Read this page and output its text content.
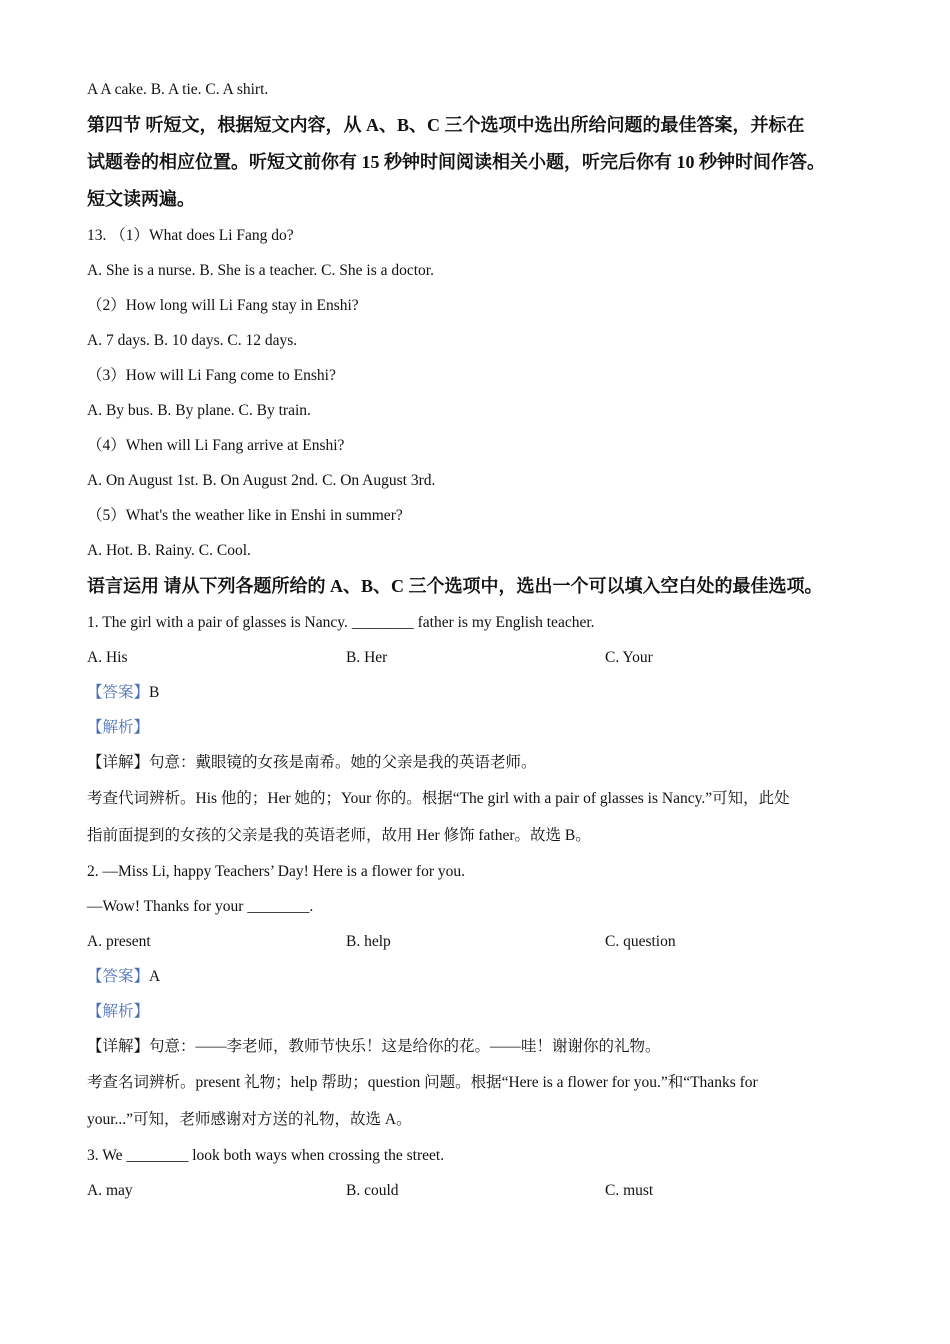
A A cake. B. A tie. C. A shirt.
第四节 听短文，根据短文内容，从 A、B、C 三个选项中选出所给问题的最佳答案，并标在
试题卷的相应位置。听短文前你有 15 秒钟时间阅读相关小题，听完后你有 10 秒钟时间作答。
短文读两遍。
13. （1）What does Li Fang do?
A. She is a nurse. B. She is a teacher. C. She is a doctor.
（2）How long will Li Fang stay in Enshi?
A. 7 days. B. 10 days. C. 12 days.
（3）How will Li Fang come to Enshi?
A. By bus. B. By plane. C. By train.
（4）When will Li Fang arrive at Enshi?
A. On August 1st. B. On August 2nd. C. On August 3rd.
（5）What's the weather like in Enshi in summer?
A. Hot. B. Rainy. C. Cool.
语言运用 请从下列各题所给的 A、B、C 三个选项中，选出一个可以填入空白处的最佳选项。
1. The girl with a pair of glasses is Nancy. ________ father is my English teacher.
A. His	B. Her	C. Your
【答案】B
【解析】
【详解】句意：戴眼镜的女孩是南希。她的父亲是我的英语老师。
考查代词辨析。His 他的；Her 她的；Your 你的。根据“The girl with a pair of glasses is Nancy.”可知，此处
指前面提到的女孩的父亲是我的英语老师，故用 Her 修饰 father。故选 B。
2. —Miss Li, happy Teachers’ Day! Here is a flower for you.
—Wow! Thanks for your ________.
A. present	B. help	C. question
【答案】A
【解析】
【详解】句意：——李老师，教师节快乐！这是给你的花。——哇！谢谢你的礼物。
考查名词辨析。present 礼物；help 帮助；question 问题。根据“Here is a flower for you.”和“Thanks for
your...”可知，老师感谢对方送的礼物，故选 A。
3. We ________ look both ways when crossing the street.
A. may	B. could	C. must
